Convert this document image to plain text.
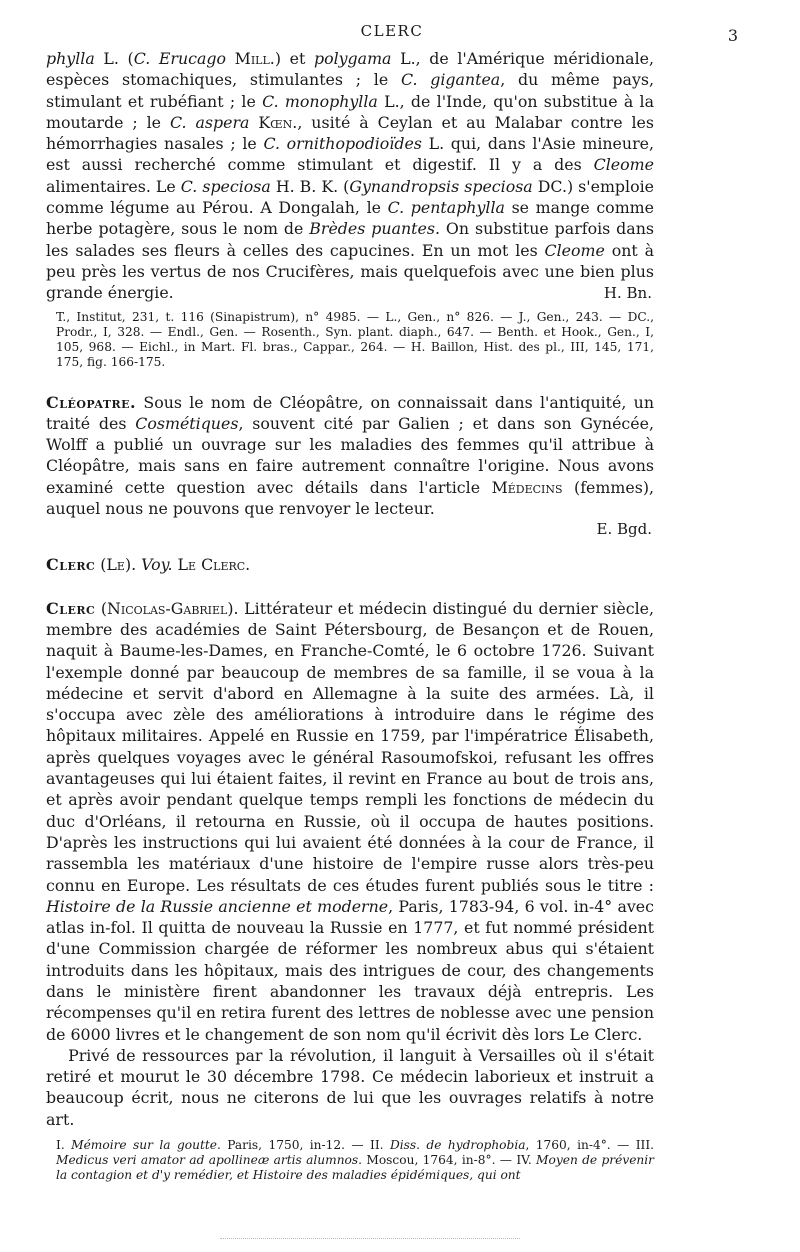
CLERC	3

phylla L. (C. Erucago Mill.) et polygama L., de l'Amérique méridionale, espèces stomachiques, stimulantes ; le C. gigantea, du même pays, stimulant et rubéfiant ; le C. monophylla L., de l'Inde, qu'on substitue à la moutarde ; le C. aspera Kœn., usité à Ceylan et au Malabar contre les hémorrhagies nasales ; le C. ornithopodioïdes L. qui, dans l'Asie mineure, est aussi recherché comme stimulant et digestif. Il y a des Cleome alimentaires. Le C. speciosa H. B. K. (Gynandropsis speciosa DC.) s'emploie comme légume au Pérou. A Dongalah, le C. pentaphylla se mange comme herbe potagère, sous le nom de Brèdes puantes. On substitue parfois dans les salades ses fleurs à celles des capucines. En un mot les Cleome ont à peu près les vertus de nos Crucifères, mais quelquefois avec une bien plus grande énergie.	H. Bn.

T., Institut, 231, t. 116 (Sinapistrum), n° 4985. — L., Gen., n° 826. — J., Gen., 243. — DC., Prodr., I, 328. — Endl., Gen. — Rosenth., Syn. plant. diaph., 647. — Benth. et Hook., Gen., I, 105, 968. — Eichl., in Mart. Fl. bras., Cappar., 264. — H. Baillon, Hist. des pl., III, 145, 171, 175, fig. 166-175.

Cléopatre. Sous le nom de Cléopâtre, on connaissait dans l'antiquité, un traité des Cosmétiques, souvent cité par Galien ; et dans son Gynécée, Wolff a publié un ouvrage sur les maladies des femmes qu'il attribue à Cléopâtre, mais sans en faire autrement connaître l'origine. Nous avons examiné cette question avec détails dans l'article Médecins (femmes), auquel nous ne pouvons que renvoyer le lecteur.

E. Bgd.

Clerc (Le). Voy. Le Clerc.

Clerc (Nicolas-Gabriel). Littérateur et médecin distingué du dernier siècle, membre des académies de Saint Pétersbourg, de Besançon et de Rouen, naquit à Baume-les-Dames, en Franche-Comté, le 6 octobre 1726. Suivant l'exemple donné par beaucoup de membres de sa famille, il se voua à la médecine et servit d'abord en Allemagne à la suite des armées. Là, il s'occupa avec zèle des améliorations à introduire dans le régime des hôpitaux militaires. Appelé en Russie en 1759, par l'impératrice Élisabeth, après quelques voyages avec le général Rasoumofskoi, refusant les offres avantageuses qui lui étaient faites, il revint en France au bout de trois ans, et après avoir pendant quelque temps rempli les fonctions de médecin du duc d'Orléans, il retourna en Russie, où il occupa de hautes positions. D'après les instructions qui lui avaient été données à la cour de France, il rassembla les matériaux d'une histoire de l'empire russe alors très-peu connu en Europe. Les résultats de ces études furent publiés sous le titre : Histoire de la Russie ancienne et moderne, Paris, 1783-94, 6 vol. in-4° avec atlas in-fol. Il quitta de nouveau la Russie en 1777, et fut nommé président d'une Commission chargée de réformer les nombreux abus qui s'étaient introduits dans les hôpitaux, mais des intrigues de cour, des changements dans le ministère firent abandonner les travaux déjà entrepris. Les récompenses qu'il en retira furent des lettres de noblesse avec une pension de 6000 livres et le changement de son nom qu'il écrivit dès lors Le Clerc.

Privé de ressources par la révolution, il languit à Versailles où il s'était retiré et mourut le 30 décembre 1798. Ce médecin laborieux et instruit a beaucoup écrit, nous ne citerons de lui que les ouvrages relatifs à notre art.

I. Mémoire sur la goutte. Paris, 1750, in-12. — II. Diss. de hydrophobia, 1760, in-4°. — III. Medicus veri amator ad apollineæ artis alumnos. Moscou, 1764, in-8°. — IV. Moyen de prévenir la contagion et d'y remédier, et Histoire des maladies épidémiques, qui ont
